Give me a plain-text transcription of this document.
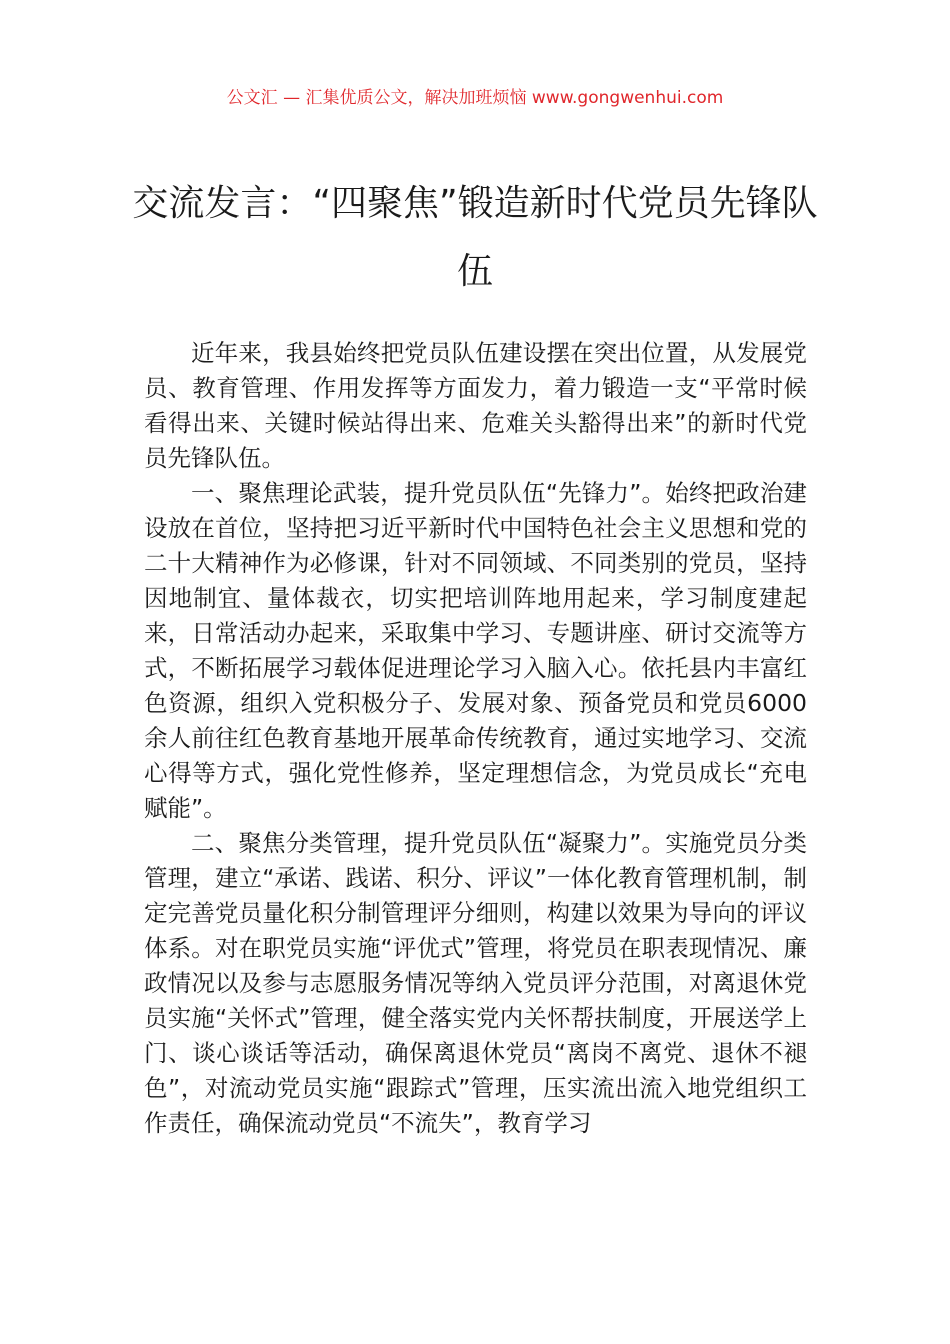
公文汇 — 汇集优质公文，解决加班烦恼 www.gongwenhui.com
交流发言：“四聚焦”锻造新时代党员先锋队伍

近年来，我县始终把党员队伍建设摆在突出位置，从发展党员、教育管理、作用发挥等方面发力，着力锻造一支“平常时候看得出来、关键时候站得出来、危难关头豁得出来”的新时代党员先锋队伍。

一、聚焦理论武装，提升党员队伍“先锋力”。始终把政治建设放在首位，坚持把习近平新时代中国特色社会主义思想和党的二十大精神作为必修课，针对不同领域、不同类别的党员，坚持因地制宜、量体裁衣，切实把培训阵地用起来，学习制度建起来，日常活动办起来，采取集中学习、专题讲座、研讨交流等方式，不断拓展学习载体促进理论学习入脑入心。依托县内丰富红色资源，组织入党积极分子、发展对象、预备党员和党员6000余人前往红色教育基地开展革命传统教育，通过实地学习、交流心得等方式，强化党性修养，坚定理想信念，为党员成长“充电赋能”。

二、聚焦分类管理，提升党员队伍“凝聚力”。实施党员分类管理，建立“承诺、践诺、积分、评议”一体化教育管理机制，制定完善党员量化积分制管理评分细则，构建以效果为导向的评议体系。对在职党员实施“评优式”管理，将党员在职表现情况、廉政情况以及参与志愿服务情况等纳入党员评分范围，对离退休党员实施“关怀式”管理，健全落实党内关怀帮扶制度，开展送学上门、谈心谈话等活动，确保离退休党员“离岗不离党、退休不褪色”，对流动党员实施“跟踪式”管理，压实流出流入地党组织工作责任，确保流动党员“不流失”，教育学习
